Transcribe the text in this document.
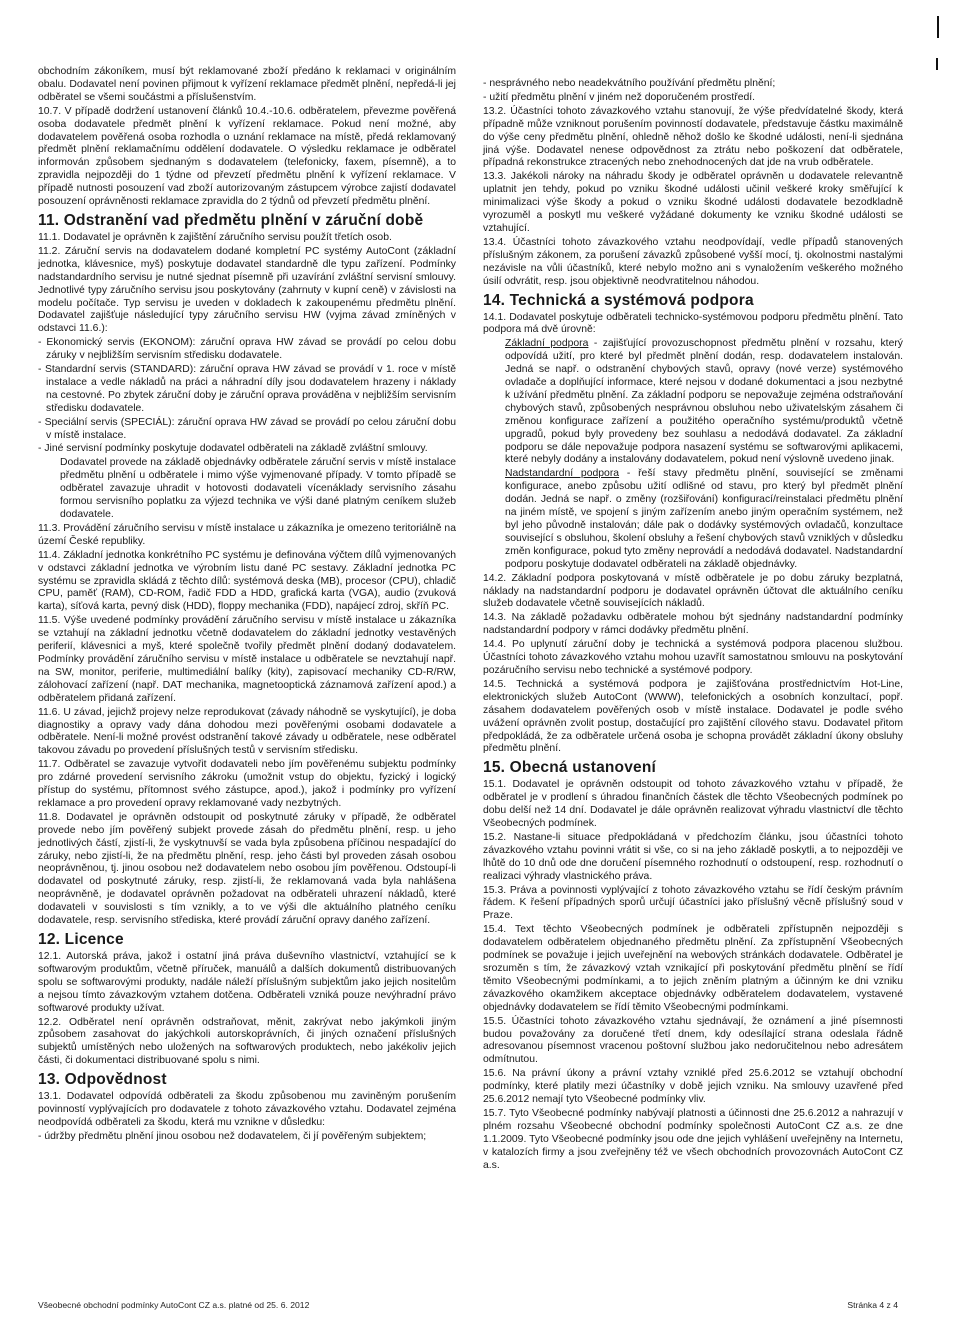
obchodním zákoníkem, musí být reklamované zboží předáno k reklamaci v originálním obalu. Dodavatel není povinen přijmout k vyřízení reklamace předmět plnění, nepředá-li jej odběratel se všemi součástmi a příslušenstvím.

10.7. V případě dodržení ustanovení článků 10.4.-10.6. odběratelem, převezme pověřená osoba dodavatele předmět plnění k vyřízení reklamace. Pokud není možné, aby dodavatelem pověřená osoba rozhodla o uznání reklamace na místě, předá reklamovaný předmět plnění reklamačnímu oddělení dodavatele. O výsledku reklamace je odběratel informován způsobem sjednaným s dodavatelem (telefonicky, faxem, písemně), a to zpravidla nejpozději do 1 týdne od převzetí předmětu plnění k vyřízení reklamace. V případě nutnosti posouzení vad zboží autorizovaným zástupcem výrobce zajistí dodavatel posouzení oprávněnosti reklamace zpravidla do 2 týdnů od převzetí předmětu plnění.

11. Odstranění vad předmětu plnění v záruční době

11.1. Dodavatel je oprávněn k zajištění záručního servisu použít třetích osob.

11.2. Záruční servis na dodavatelem dodané kompletní PC systémy AutoCont (základní jednotka, klávesnice, myš) poskytuje dodavatel standardně dle typu zařízení. Podmínky nadstandardního servisu je nutné sjednat písemně při uzavírání zvláštní servisní smlouvy. Jednotlivé typy záručního servisu jsou poskytovány (zahrnuty v kupní ceně) v závislosti na modelu počítače. Typ servisu je uveden v dokladech k zakoupenému předmětu plnění. Dodavatel zajišťuje následující typy záručního servisu HW (vyjma závad zmíněných v odstavci 11.6.):

- Ekonomický servis (EKONOM): záruční oprava HW závad se provádí po celou dobu záruky v nejbližším servisním středisku dodavatele.

- Standardní servis (STANDARD): záruční oprava HW závad se provádí v 1. roce v místě instalace a vedle nákladů na práci a náhradní díly jsou dodavatelem hrazeny i náklady na cestovné. Po zbytek záruční doby je záruční oprava prováděna v nejbližším servisním středisku dodavatele.

- Speciální servis (SPECIÁL): záruční oprava HW závad se provádí po celou záruční dobu v místě instalace.

- Jiné servisní podmínky poskytuje dodavatel odběrateli na základě zvláštní smlouvy.

Dodavatel provede na základě objednávky odběratele záruční servis v místě instalace předmětu plnění u odběratele i mimo výše vyjmenované případy. V tomto případě se odběratel zavazuje uhradit v hotovosti dodavateli vícenáklady servisního zásahu formou servisního poplatku za výjezd technika ve výši dané platným ceníkem služeb dodavatele.

11.3. Provádění záručního servisu v místě instalace u zákazníka je omezeno teritoriálně na území České republiky.

11.4. Základní jednotka konkrétního PC systému je definována výčtem dílů vyjmenovaných v odstavci základní jednotka ve výrobním listu dané PC sestavy. Základní jednotka PC systému se zpravidla skládá z těchto dílů: systémová deska (MB), procesor (CPU), chladič CPU, paměť (RAM), CD-ROM, řadič FDD a HDD, grafická karta (VGA), audio (zvuková karta), síťová karta, pevný disk (HDD), floppy mechanika (FDD), napájecí zdroj, skříň PC.

11.5. Výše uvedené podmínky provádění záručního servisu v místě instalace u zákazníka se vztahují na základní jednotku včetně dodavatelem do základní jednotky vestavěných periferií, klávesnici a myš, které společně tvořily předmět plnění dodaný dodavatelem. Podmínky provádění záručního servisu v místě instalace u odběratele se nevztahují např. na SW, monitor, periferie, multimediální balíky (kity), zapisovací mechaniky CD-R/RW, zálohovací zařízení (např. DAT mechanika, magnetooptická záznamová zařízení apod.) a odběratelem přidaná zařízení.

11.6. U závad, jejichž projevy nelze reprodukovat (závady náhodně se vyskytující), je doba diagnostiky a opravy vady dána dohodou mezi pověřenými osobami dodavatele a odběratele. Není-li možné provést odstranění takové závady u odběratele, nese odběratel takovou závadu po provedení příslušných testů v servisním středisku.

11.7. Odběratel se zavazuje vytvořit dodavateli nebo jím pověřenému subjektu podmínky pro zdárné provedení servisního zákroku (umožnit vstup do objektu, fyzický i logický přístup do systému, přítomnost svého zástupce, apod.), jakož i podmínky pro vyřízení reklamace a pro provedení opravy reklamované vady nezbytných.

11.8. Dodavatel je oprávněn odstoupit od poskytnuté záruky v případě, že odběratel provede nebo jím pověřený subjekt provede zásah do předmětu plnění, resp. u jeho jednotlivých částí, zjistí-li, že vyskytnuvší se vada byla způsobena příčinou nespadající do záruky, nebo zjistí-li, že na předmětu plnění, resp. jeho části byl proveden zásah osobou neoprávněnou, tj. jinou osobou než dodavatelem nebo osobou jím pověřenou. Odstoupí-li dodavatel od poskytnuté záruky, resp. zjistí-li, že reklamovaná vada byla nahlášena neoprávněně, je dodavatel oprávněn požadovat na odběrateli uhrazení nákladů, které dodavateli v souvislosti s tím vznikly, a to ve výši dle aktuálního platného ceníku dodavatele, resp. servisního střediska, které provádí záruční opravy daného zařízení.

12. Licence

12.1. Autorská práva, jakož i ostatní jiná práva duševního vlastnictví, vztahující se k softwarovým produktům, včetně příruček, manuálů a dalších dokumentů distribuovaných spolu se softwarovými produkty, nadále náleží příslušným subjektům jako jejich nositelům a nejsou tímto závazkovým vztahem dotčena. Odběrateli vzniká pouze nevýhradní právo softwarové produkty užívat.

12.2. Odběratel není oprávněn odstraňovat, měnit, zakrývat nebo jakýmkoli jiným způsobem zasahovat do jakýchkoli autorskoprávních, či jiných označení příslušných subjektů umístěných nebo uložených na softwarových produktech, nebo jakékoliv jejich části, či dokumentaci distribuované spolu s nimi.

13. Odpovědnost

13.1. Dodavatel odpovídá odběrateli za škodu způsobenou mu zaviněným porušením povinností vyplývajících pro dodavatele z tohoto závazkového vztahu. Dodavatel zejména neodpovídá odběrateli za škodu, která mu vznikne v důsledku:

- údržby předmětu plnění jinou osobou než dodavatelem, či jí pověřeným subjektem;

- nesprávného nebo neadekvátního používání předmětu plnění;

- užití předmětu plnění v jiném než doporučeném prostředí.

13.2. Účastníci tohoto závazkového vztahu stanovují, že výše předvídatelné škody, která případně může vzniknout porušením povinností dodavatele, představuje částku maximálně do výše ceny předmětu plnění, ohledně něhož došlo ke škodné události, není-li sjednána jiná výše. Dodavatel nenese odpovědnost za ztrátu nebo poškození dat odběratele, případná rekonstrukce ztracených nebo znehodnocených dat jde na vrub odběratele.

13.3. Jakékoli nároky na náhradu škody je odběratel oprávněn u dodavatele relevantně uplatnit jen tehdy, pokud po vzniku škodné události učinil veškeré kroky směřující k minimalizaci výše škody a pokud o vzniku škodné události dodavatele bezodkladně vyrozuměl a poskytl mu veškeré vyžádané dokumenty ke vzniku škodné události se vztahující.

13.4. Účastníci tohoto závazkového vztahu neodpovídají, vedle případů stanovených příslušným zákonem, za porušení závazků způsobené vyšší mocí, tj. okolnostmi nastalými nezávisle na vůli účastníků, které nebylo možno ani s vynaložením veškerého možného úsilí odvrátit, resp. jsou objektivně neodvratitelnou náhodou.

14. Technická a systémová podpora

14.1. Dodavatel poskytuje odběrateli technicko-systémovou podporu předmětu plnění. Tato podpora má dvě úrovně:

Základní podpora - zajišťující provozuschopnost předmětu plnění v rozsahu, který odpovídá užití, pro které byl předmět plnění dodán, resp. dodavatelem instalován. Jedná se např. o odstranění chybových stavů, opravy (nové verze) systémového ovladače a doplňující informace, které nejsou v dodané dokumentaci a jsou nezbytné k užívání předmětu plnění. Za základní podporu se nepovažuje zejména odstraňování chybových stavů, způsobených nesprávnou obsluhou nebo uživatelským zásahem či změnou konfigurace zařízení a použitého operačního systému/produktů včetně upgradů, pokud byly provedeny bez souhlasu a nedodává dodavatel. Za základní podporu se dále nepovažuje podpora nasazení systému se softwarovými aplikacemi, které nebyly dodány a instalovány dodavatelem, pokud není výslovně uvedeno jinak.

Nadstandardní podpora - řeší stavy předmětu plnění, související se změnami konfigurace, anebo způsobu užití odlišné od stavu, pro který byl předmět plnění dodán. Jedná se např. o změny (rozšiřování) konfigurací/reinstalaci předmětu plnění na jiném místě, ve spojení s jiným zařízením anebo jiným operačním systémem, než byl jeho původně instalován; dále pak o dodávky systémových ovladačů, konzultace související s obsluhou, školení obsluhy a řešení chybových stavů vzniklých v důsledku změn konfigurace, pokud tyto změny neprovádí a nedodává dodavatel. Nadstandardní podporu poskytuje dodavatel odběrateli na základě objednávky.

14.2. Základní podpora poskytovaná v místě odběratele je po dobu záruky bezplatná, náklady na nadstandardní podporu je dodavatel oprávněn účtovat dle aktuálního ceníku služeb dodavatele včetně souvisejících nákladů.

14.3. Na základě požadavku odběratele mohou být sjednány nadstandardní podmínky nadstandardní podpory v rámci dodávky předmětu plnění.

14.4. Po uplynutí záruční doby je technická a systémová podpora placenou službou. Účastníci tohoto závazkového vztahu mohou uzavřít samostatnou smlouvu na poskytování pozáručního servisu nebo technické a systémové podpory.

14.5. Technická a systémová podpora je zajišťována prostřednictvím Hot-Line, elektronických služeb AutoCont (WWW), telefonických a osobních konzultací, popř. zásahem dodavatelem pověřených osob v místě instalace. Dodavatel je podle svého uvážení oprávněn zvolit postup, dostačující pro zajištění cílového stavu. Dodavatel přitom předpokládá, že za odběratele určená osoba je schopna provádět základní úkony obsluhy předmětu plnění.

15. Obecná ustanovení

15.1. Dodavatel je oprávněn odstoupit od tohoto závazkového vztahu v případě, že odběratel je v prodlení s úhradou finančních částek dle těchto Všeobecných podmínek po dobu delší než 14 dní. Dodavatel je dále oprávněn realizovat výhradu vlastnictví dle těchto Všeobecných podmínek.

15.2. Nastane-li situace předpokládaná v předchozím článku, jsou účastníci tohoto závazkového vztahu povinni vrátit si vše, co si na jeho základě poskytli, a to nejpozději ve lhůtě do 10 dnů ode dne doručení písemného rozhodnutí o odstoupení, resp. rozhodnutí o realizaci výhrady vlastnického práva.

15.3. Práva a povinnosti vyplývající z tohoto závazkového vztahu se řídí českým právním řádem. K řešení případných sporů určují účastníci jako příslušný věcně příslušný soud v Praze.

15.4. Text těchto Všeobecných podmínek je odběrateli zpřístupněn nejpozději s dodavatelem odběratelem objednaného předmětu plnění. Za zpřístupnění Všeobecných podmínek se považuje i jejich uveřejnění na webových stránkách dodavatele. Odběratel je srozuměn s tím, že závazkový vztah vznikající při poskytování předmětu plnění se řídí těmito Všeobecnými podmínkami, a to jejich zněním platným a účinným ke dni vzniku závazkového okamžikem akceptace objednávky odběratelem dodavatelem, vystavené objednávky dodavatelem se řídí těmito Všeobecnými podmínkami.

15.5. Účastníci tohoto závazkového vztahu sjednávají, že oznámení a jiné písemnosti budou považovány za doručené třetí dnem, kdy odesílající strana odeslala řádně adresovanou písemnost vracenou poštovní službou jako nedoručitelnou nebo adresátem odmítnutou.

15.6. Na právní úkony a právní vztahy vzniklé před 25.6.2012 se vztahují obchodní podmínky, které platily mezi účastníky v době jejich vzniku. Na smlouvy uzavřené před 25.6.2012 nemají tyto Všeobecné podmínky vliv.

15.7. Tyto Všeobecné podmínky nabývají platnosti a účinnosti dne 25.6.2012 a nahrazují v plném rozsahu Všeobecné obchodní podmínky společnosti AutoCont CZ a.s. ze dne 1.1.2009. Tyto Všeobecné podmínky jsou ode dne jejich vyhlášení uveřejněny na Internetu, v katalozích firmy a jsou zveřejněny též ve všech obchodních provozovnách AutoCont CZ a.s.

Všeobecné obchodní podmínky AutoCont CZ a.s. platné od 25. 6. 2012	Stránka 4 z 4
